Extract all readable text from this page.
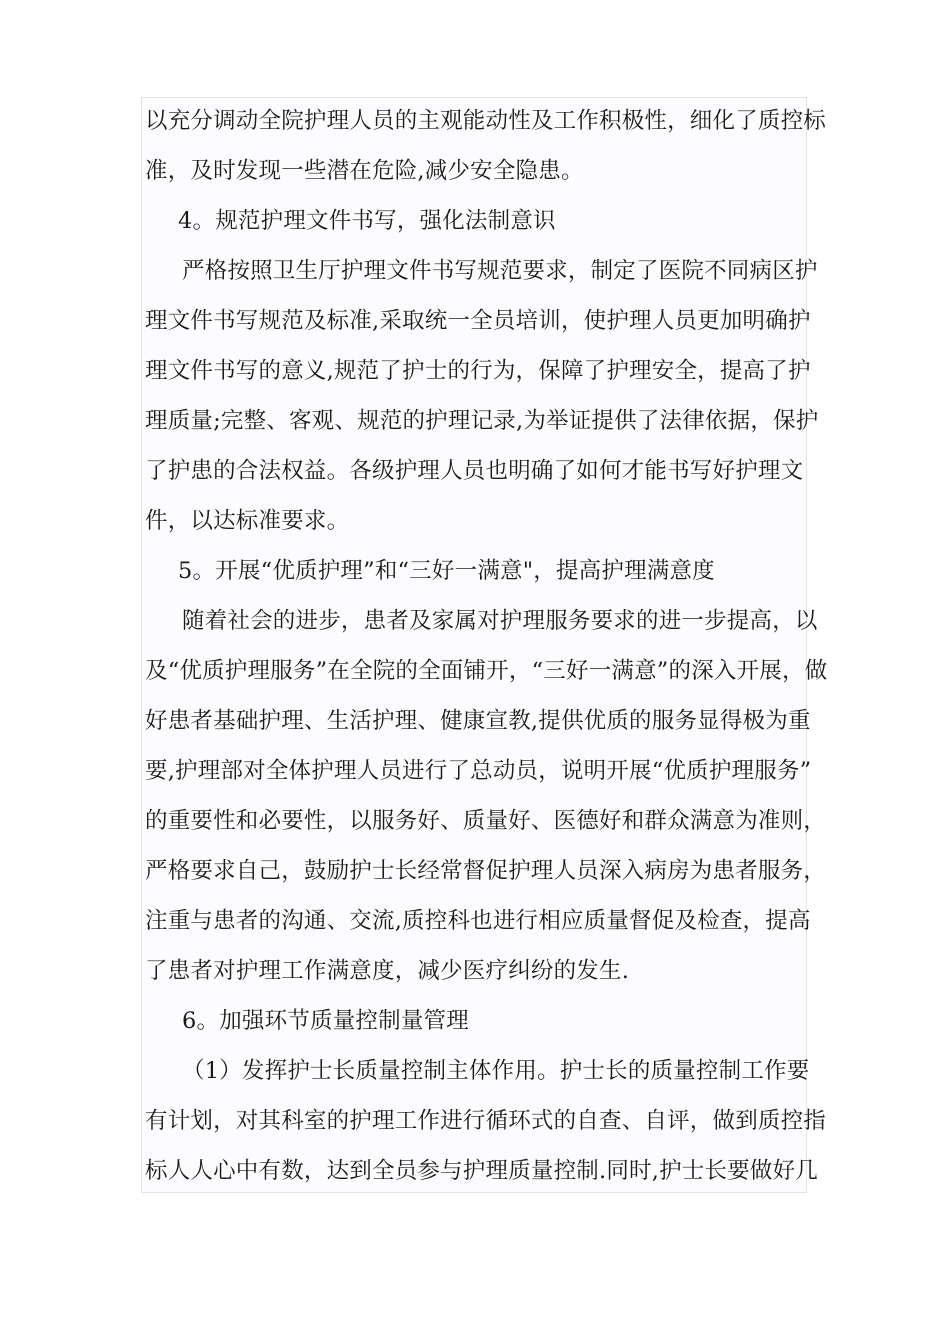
以充分调动全院护理人员的主观能动性及工作积极性，细化了质控标
准，及时发现一些潜在危险,减少安全隐患。
4。规范护理文件书写，强化法制意识
严格按照卫生厅护理文件书写规范要求，制定了医院不同病区护
理文件书写规范及标准,采取统一全员培训，使护理人员更加明确护
理文件书写的意义,规范了护士的行为，保障了护理安全，提高了护
理质量;完整、客观、规范的护理记录,为举证提供了法律依据，保护
了护患的合法权益。各级护理人员也明确了如何才能书写好护理文
件，以达标准要求。
5。开展“优质护理”和“三好一满意"，提高护理满意度
随着社会的进步，患者及家属对护理服务要求的进一步提高，以
及“优质护理服务”在全院的全面铺开，“三好一满意”的深入开展，做
好患者基础护理、生活护理、健康宣教,提供优质的服务显得极为重
要,护理部对全体护理人员进行了总动员，说明开展“优质护理服务”
的重要性和必要性，以服务好、质量好、医德好和群众满意为准则，
严格要求自己，鼓励护士长经常督促护理人员深入病房为患者服务，
注重与患者的沟通、交流,质控科也进行相应质量督促及检查，提高
了患者对护理工作满意度，减少医疗纠纷的发生.
6。加强环节质量控制量管理
（1）发挥护士长质量控制主体作用。护士长的质量控制工作要
有计划，对其科室的护理工作进行循环式的自查、自评，做到质控指
标人人心中有数，达到全员参与护理质量控制.同时,护士长要做好几
